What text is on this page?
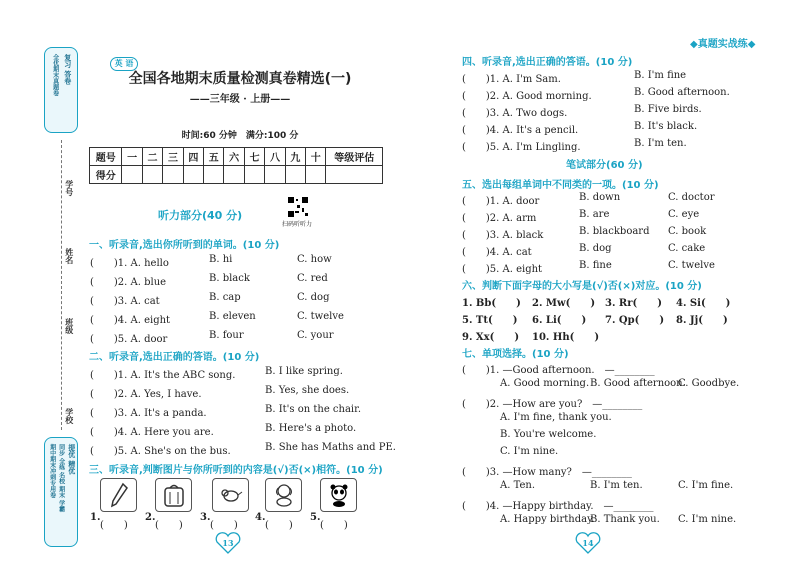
◆真题实战练◆
复习 答卷
全优期末真题卷
学号
姓名
班级
学校
提优 精优
同步 全练 名校 期末 学霸
期中期末冲刺专用卷
英 语
全国各地期末质量检测真卷精选(一)
——三年级 · 上册——
时间:60 分钟　满分:100 分
题号	一	二	三	四	五	六	七	八	九	十	等级评估
得分											
听力部分(40 分)
扫码听听力
一、听录音,选出你所听到的单词。(10 分)
二、听录音,选出正确的答语。(10 分)
三、听录音,判断图片与你所听到的内容是(√)否(×)相符。(10 分)
13
四、听录音,选出正确的答语。(10 分)
笔试部分(60 分)
五、选出每组单词中不同类的一项。(10 分)
六、判断下面字母的大小写是(√)否(×)对应。(10 分)
七、单项选择。(10 分)
14
(　　)1. A. hello	B. hi	C. how
(　　)2. A. blue	B. black	C. red
(　　)3. A. cat	B. cap	C. dog
(　　)4. A. eight	B. eleven	C. twelve
(　　)5. A. door	B. four	C. your
(　　)1. A. It's the ABC song.	B. I like spring.
(　　)2. A. Yes, I have.	B. Yes, she does.
(　　)3. A. It's a panda.	B. It's on the chair.
(　　)4. A. Here you are.	B. Here's a photo.
(　　)5. A. She's on the bus.	B. She has Maths and PE.
1.
(　　)
2.
(　　)
3.
(　　)
4.
(　　)
5.
(　　)
(　　)1. A. I'm Sam.	B. I'm fine
(　　)2. A. Good morning.	B. Good afternoon.
(　　)3. A. Two dogs.	B. Five birds.
(　　)4. A. It's a pencil.	B. It's black.
(　　)5. A. I'm Lingling.	B. I'm ten.
(　　)1. A. door	B. down	C. doctor
(　　)2. A. arm	B. are	C. eye
(　　)3. A. black	B. blackboard C. book
(　　)4. A. cat	B. dog	C. cake
(　　)5. A. eight	B. fine	C. twelve
1. Bb(　　) 2. Mw(　　) 3. Rr(　　) 4. Si(　　)
5. Tt(　　) 6. Li(　　) 7. Qp(　　) 8. Jj(　　)
9. Xx(　　) 10. Hh(　　)
(　　)1. —Good afternoon.　—________
A. Good morning. B. Good afternoon.
C. Goodbye.
(　　)2. —How are you?　—________
A. I'm fine, thank you.
B. You're welcome.
C. I'm nine.
(　　)3. —How many?　—________
A. Ten.	B. I'm ten.	C. I'm fine.
(　　)4. —Happy birthday.　—________
A. Happy birthday.
B. Thank you. C. I'm nine.
